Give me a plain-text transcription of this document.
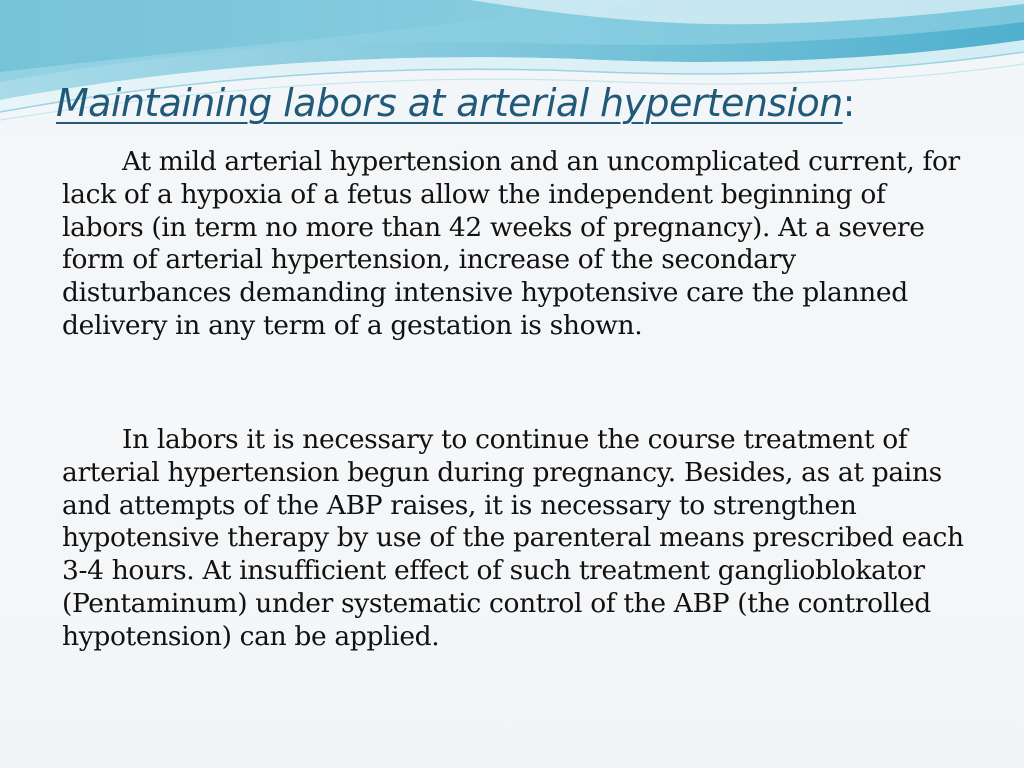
Maintaining labors at arterial hypertension:

At mild arterial hypertension and an uncomplicated current, for lack of a hypoxia of a fetus allow the independent beginning of labors (in term no more than 42 weeks of pregnancy). At a severe form of arterial hypertension, increase of the secondary disturbances demanding intensive hypotensive care the planned delivery in any term of a gestation is shown.

In labors it is necessary to continue the course treatment of arterial hypertension begun during pregnancy. Besides, as at pains and attempts of the ABP raises, it is necessary to strengthen hypotensive therapy by use of the parenteral means prescribed each 3-4 hours. At insufficient effect of such treatment ganglioblokator (Pentaminum) under systematic control of the ABP (the controlled hypotension) can be applied.
